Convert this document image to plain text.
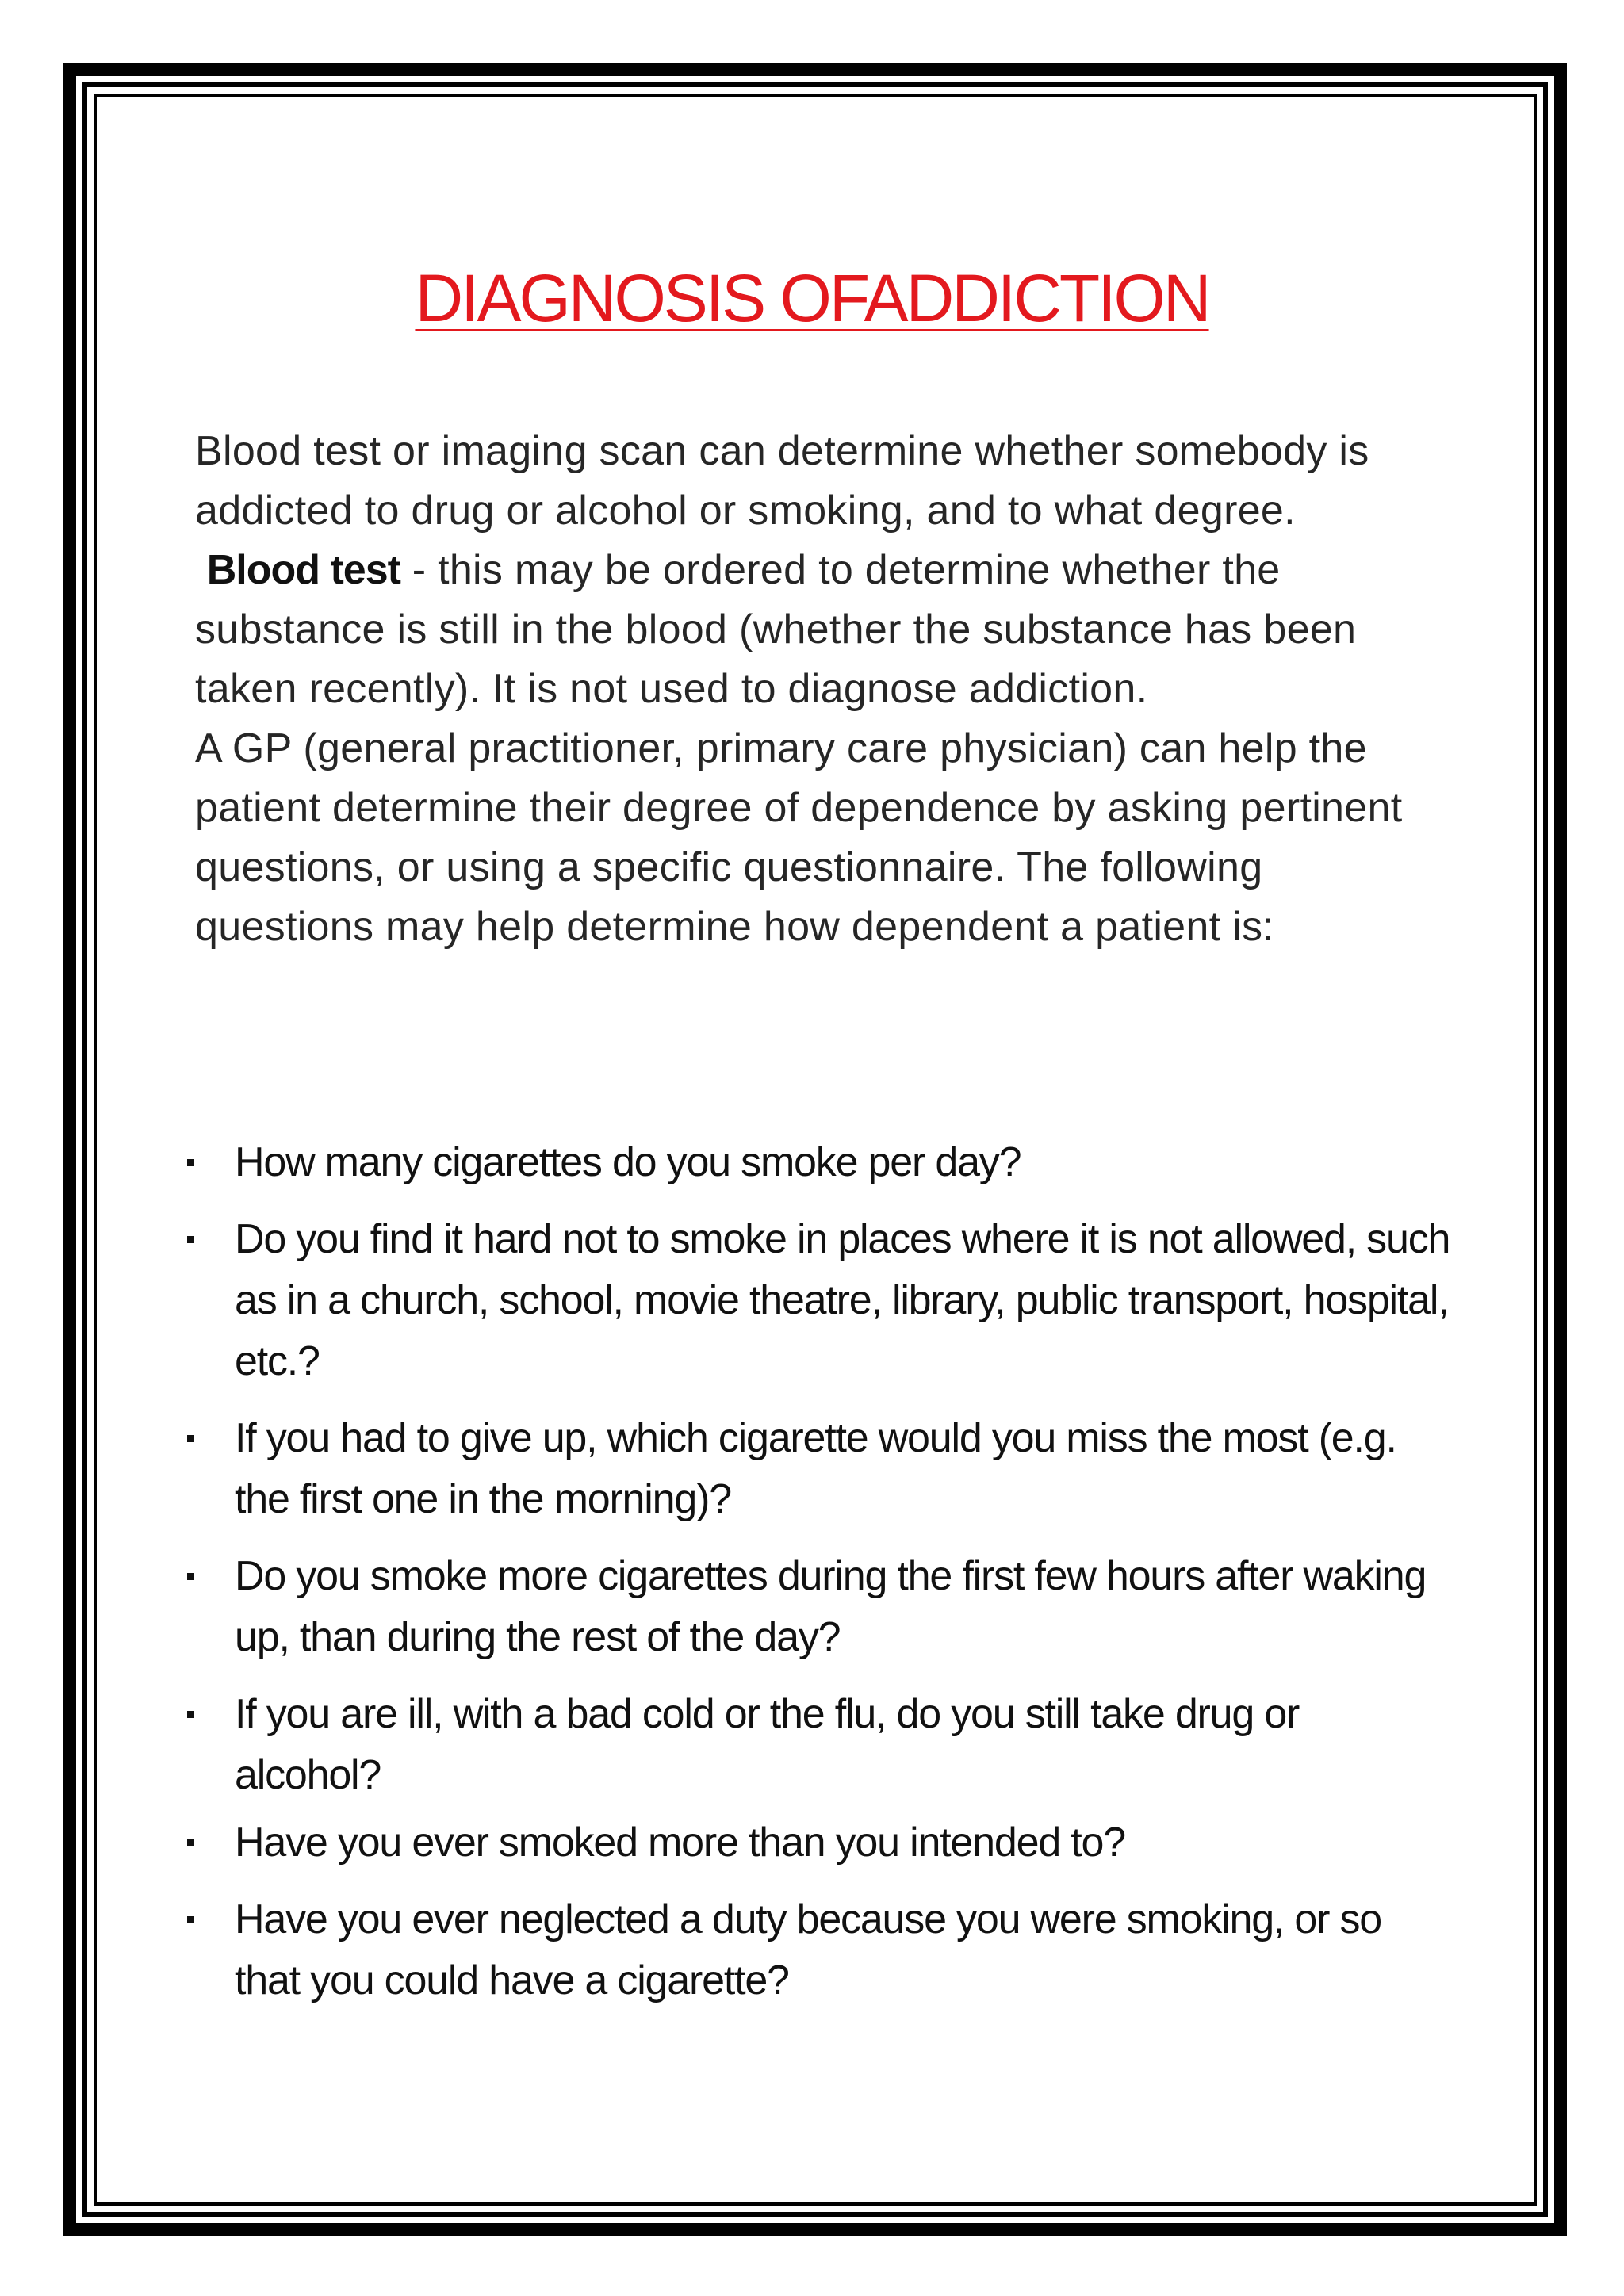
DIAGNOSIS OFADDICTION

Blood test or imaging scan can determine whether somebody is addicted to drug or alcohol or smoking, and to what degree.

Blood test - this may be ordered to determine whether the substance is still in the blood (whether the substance has been taken recently). It is not used to diagnose addiction.

A GP (general practitioner, primary care physician) can help the patient determine their degree of dependence by asking pertinent questions, or using a specific questionnaire. The following questions may help determine how dependent a patient is:

How many cigarettes do you smoke per day?
Do you find it hard not to smoke in places where it is not allowed, such as in a church, school, movie theatre, library, public transport, hospital, etc.?
If you had to give up, which cigarette would you miss the most (e.g. the first one in the morning)?
Do you smoke more cigarettes during the first few hours after waking up, than during the rest of the day?
If you are ill, with a bad cold or the flu, do you still take drug or alcohol?
Have you ever smoked more than you intended to?
Have you ever neglected a duty because you were smoking, or so that you could have a cigarette?
